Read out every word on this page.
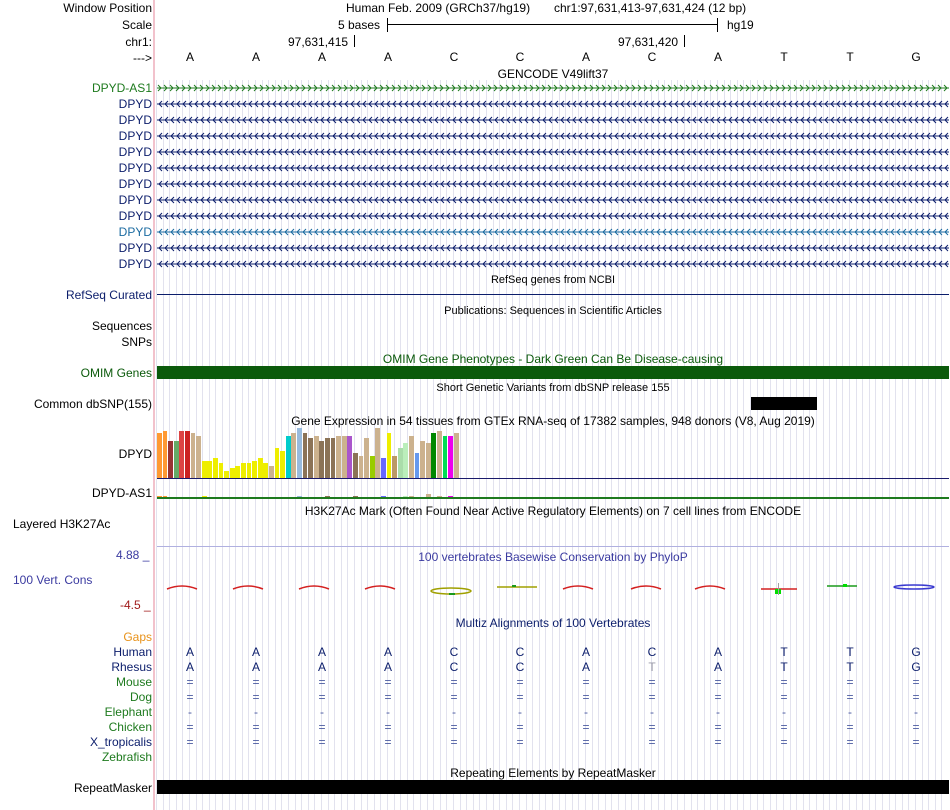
Window Position	Human Feb. 2009 (GRCh37/hg19) chr1:97,631,413-97,631,424 (12 bp)
Scale	5 bases	hg19
chr1:	97,631,415	97,631,420
--->	A	A	A	A	C	C	A	C	A	T	T	G
GENCODE V49lift37
DPYD-AS1
DPYD
DPYD
DPYD
DPYD
DPYD
DPYD
DPYD
DPYD
DPYD
DPYD
DPYD
RefSeq genes from NCBI
RefSeq Curated
Publications: Sequences in Scientific Articles
Sequences
SNPs
OMIM Gene Phenotypes - Dark Green Can Be Disease-causing
OMIM Genes
Short Genetic Variants from dbSNP release 155
Common dbSNP(155)
Gene Expression in 54 tissues from GTEx RNA-seq of 17382 samples, 948 donors (V8, Aug 2019)
DPYD
DPYD-AS1
H3K27Ac Mark (Often Found Near Active Regulatory Elements) on 7 cell lines from ENCODE
Layered H3K27Ac
100 vertebrates Basewise Conservation by PhyloP
4.88 _
100 Vert. Cons
-4.5 _
Multiz Alignments of 100 Vertebrates
Gaps
Human	A	A	A	A	C	C	A	C	A	T	T	G
Rhesus	A	A	A	A	C	C	A	T	A	T	T	G
Mouse	=	=	=	=	=	=	=	=	=	=	=	=
Dog	=	=	=	=	=	=	=	=	=	=	=	=
Elephant	-	-	-	-	-	-	-	-	-	-	-	-
Chicken	=	=	=	=	=	=	=	=	=	=	=	=
X_tropicalis	=	=	=	=	=	=	=	=	=	=	=	=
Zebrafish
Repeating Elements by RepeatMasker
RepeatMasker
